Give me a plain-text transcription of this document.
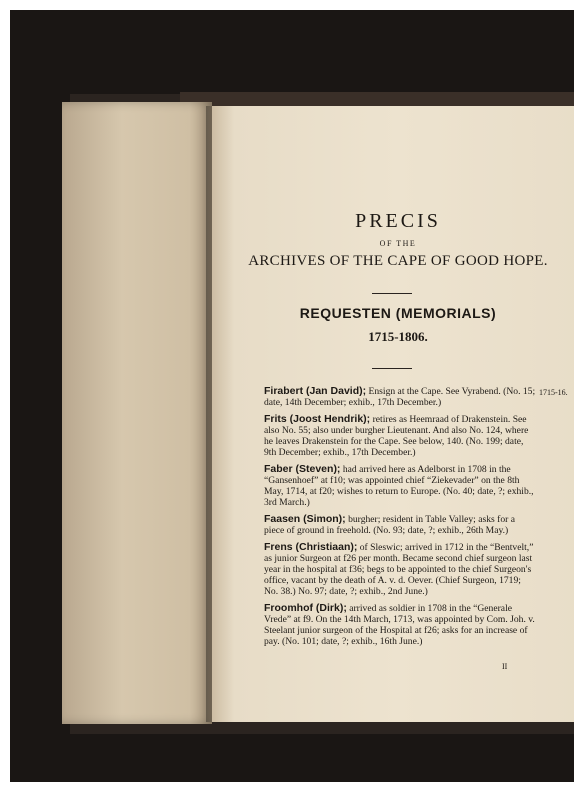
PRECIS
OF THE
ARCHIVES OF THE CAPE OF GOOD HOPE.
REQUESTEN (MEMORIALS)
1715-1806.
1715-16.

Firabert (Jan David); Ensign at the Cape. See Vyrabend. (No. 15; date, 14th December; exhib., 17th December.)

Frits (Joost Hendrik); retires as Heemraad of Drakenstein. See also No. 55; also under burgher Lieutenant. And also No. 124, where he leaves Drakenstein for the Cape. See below, 140. (No. 199; date, 9th December; exhib., 17th December.)

Faber (Steven); had arrived here as Adelborst in 1708 in the “Gansenhoef” at f10; was appointed chief “Ziekevader” on the 8th May, 1714, at f20; wishes to return to Europe. (No. 40; date, ?; exhib., 3rd March.)

Faasen (Simon); burgher; resident in Table Valley; asks for a piece of ground in freehold. (No. 93; date, ?; exhib., 26th May.)

Frens (Christiaan); of Sleswic; arrived in 1712 in the “Bentvelt,” as junior Surgeon at f26 per month. Became second chief surgeon last year in the hospital at f36; begs to be appointed to the chief Surgeon's office, vacant by the death of A. v. d. Oever. (Chief Surgeon, 1719; No. 38.) No. 97; date, ?; exhib., 2nd June.)

Froomhof (Dirk); arrived as soldier in 1708 in the “Generale Vrede” at f9. On the 14th March, 1713, was appointed by Com. Joh. v. Steelant junior surgeon of the Hospital at f26; asks for an increase of pay. (No. 101; date, ?; exhib., 16th June.)

II
